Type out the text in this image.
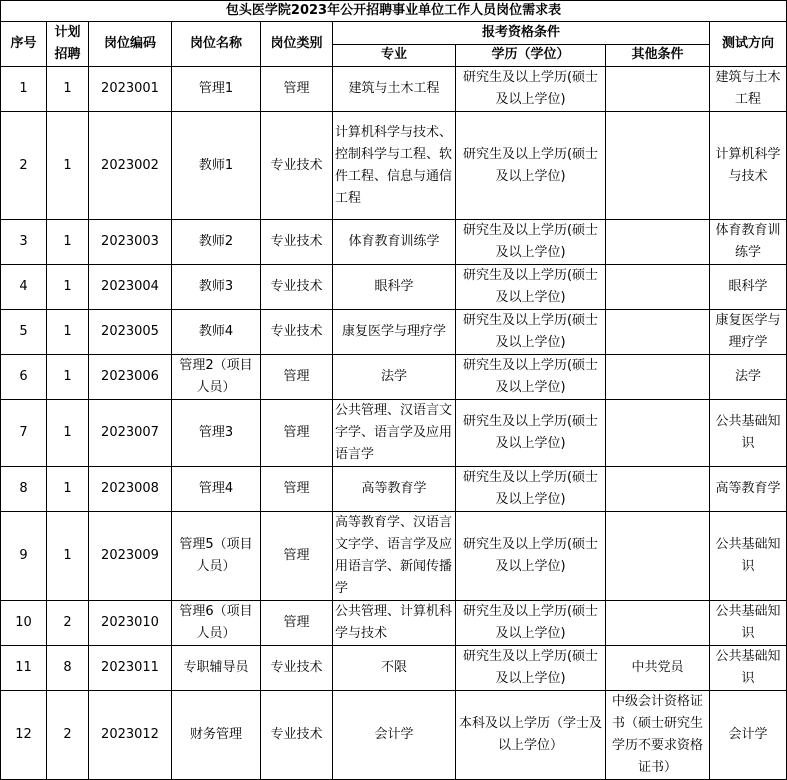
包头医学院2023年公开招聘事业单位工作人员岗位需求表								
序号	计划招聘	岗位编码	岗位名称	岗位类别	报考资格条件			测试方向
					专业	学历（学位）	其他条件	
1	1	2023001	管理1	管理	建筑与土木工程	研究生及以上学历(硕士及以上学位)		建筑与土木工程
2	1	2023002	教师1	专业技术	计算机科学与技术、控制科学与工程、软件工程、信息与通信工程	研究生及以上学历(硕士及以上学位)		计算机科学与技术
3	1	2023003	教师2	专业技术	体育教育训练学	研究生及以上学历(硕士及以上学位)		体育教育训练学
4	1	2023004	教师3	专业技术	眼科学	研究生及以上学历(硕士及以上学位)		眼科学
5	1	2023005	教师4	专业技术	康复医学与理疗学	研究生及以上学历(硕士及以上学位)		康复医学与理疗学
6	1	2023006	管理2（项目人员）	管理	法学	研究生及以上学历(硕士及以上学位)		法学
7	1	2023007	管理3	管理	公共管理、汉语言文字学、语言学及应用语言学	研究生及以上学历(硕士及以上学位)		公共基础知识
8	1	2023008	管理4	管理	高等教育学	研究生及以上学历(硕士及以上学位)		高等教育学
9	1	2023009	管理5（项目人员）	管理	高等教育学、汉语言文字学、语言学及应用语言学、新闻传播学	研究生及以上学历(硕士及以上学位)		公共基础知识
10	2	2023010	管理6（项目人员）	管理	公共管理、计算机科学与技术	研究生及以上学历(硕士及以上学位)		公共基础知识
11	8	2023011	专职辅导员	专业技术	不限	研究生及以上学历(硕士及以上学位)	中共党员	公共基础知识
12	2	2023012	财务管理	专业技术	会计学	本科及以上学历（学士及以上学位）	中级会计资格证书（硕士研究生学历不要求资格证书）	会计学
